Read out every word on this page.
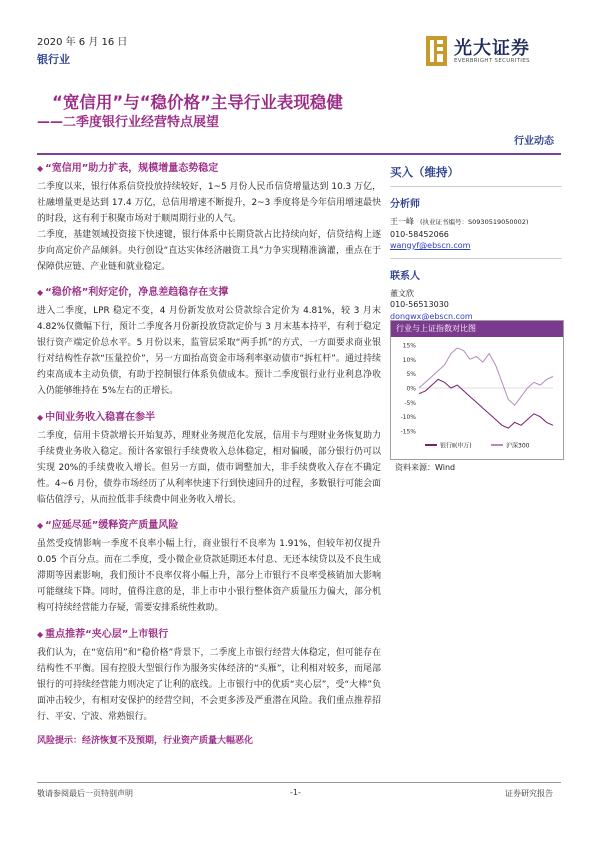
2020 年 6 月 16 日
银行业
光大证券
EVERBRIGHT SECURITIES
“宽信用”与“稳价格”主导行业表现稳健
——二季度银行业经营特点展望
行业动态
◆ “宽信用”助力扩表，规模增量态势稳定

二季度以来，银行体系信贷投放持续较好，1~5 月份人民币信贷增量达到 10.3 万亿，社融增量更是达到 17.4 万亿，总信用增速不断提升，2~3 季度将是今年信用增速最快的时段，这有利于积聚市场对于顺周期行业的人气。

二季度，基建领域投资接下快速键，银行体系中长期贷款占比持续向好，信贷结构上逐步向高定价产品倾斜。央行创设“直达实体经济融资工具”力争实现精准滴灌，重点在于保障供应链、产业链和就业稳定。

◆ “稳价格”利好定价，净息差趋稳存在支撑

进入二季度，LPR 稳定不变，4 月份新发放对公贷款综合定价为 4.81%，较 3 月末 4.82%仅微幅下行，预计二季度各月份新投放贷款定价与 3 月末基本持平，有利于稳定银行资产端定价总水平。5 月份以来，监管层采取“两手抓”的方式，一方面要求商业银行对结构性存款“压量控价”，另一方面抬高资金市场利率驱动债市“拆杠杆”。通过持续约束高成本主动负债，有助于控制银行体系负债成本。预计二季度银行业行业利息净收入仍能够维持在 5%左右的正增长。

◆ 中间业务收入稳喜在参半

二季度，信用卡贷款增长开始复苏，理财业务规范化发展，信用卡与理财业务恢复助力手续费业务收入稳定。预计各家银行手续费收入总体稳定，相对偏暖，部分银行仍可以实现 20%的手续费收入增长。但另一方面，债市调整加大，非手续费收入存在不确定性。4~6 月份，债券市场经历了从利率快速下行到快速回升的过程，多数银行可能会面临估值浮亏，从而拉低非手续费中间业务收入增长。

◆ “应延尽延”缓释资产质量风险

虽然受疫情影响一季度不良率小幅上行，商业银行不良率为 1.91%，但较年初仅提升 0.05 个百分点。而在二季度，受小微企业贷款延期还本付息、无还本续贷以及不良生成滞期等因素影响，我们预计不良率仅将小幅上升，部分上市银行不良率受核销加大影响可能继续下降。同时，值得注意的是，非上市中小银行整体资产质量压力偏大，部分机构可持续经营能力存疑，需要安排系统性救助。

◆ 重点推荐“夹心层”上市银行

我们认为，在“宽信用”和“稳价格”背景下，二季度上市银行经营大体稳定，但可能存在结构性不平衡。国有控股大型银行作为服务实体经济的“头雁”，让利相对较多，而尾部银行的可持续经营能力则决定了让利的底线。上市银行中的优质“夹心层”，受“大棒”负面冲击较少，有相对安保护的经营空间，不会更多涉及严重潜在风险。我们重点推荐招行、平安、宁波、常熟银行。

风险提示：经济恢复不及预期，行业资产质量大幅恶化
买入（维持）
分析师
王一峰 (执业证书编号：S0930519050002)
010-58452066
wangyf@ebscn.com
联系人
董文欣
010-56513030
dongwx@ebscn.com
行业与上证指数对比图
15%
10%
5%
0%
-5%
-10%
-15%
银行Ⅱ(申万)	沪深300
资料来源：Wind
敬请参阅最后一页特别声明	-1-	证券研究报告
